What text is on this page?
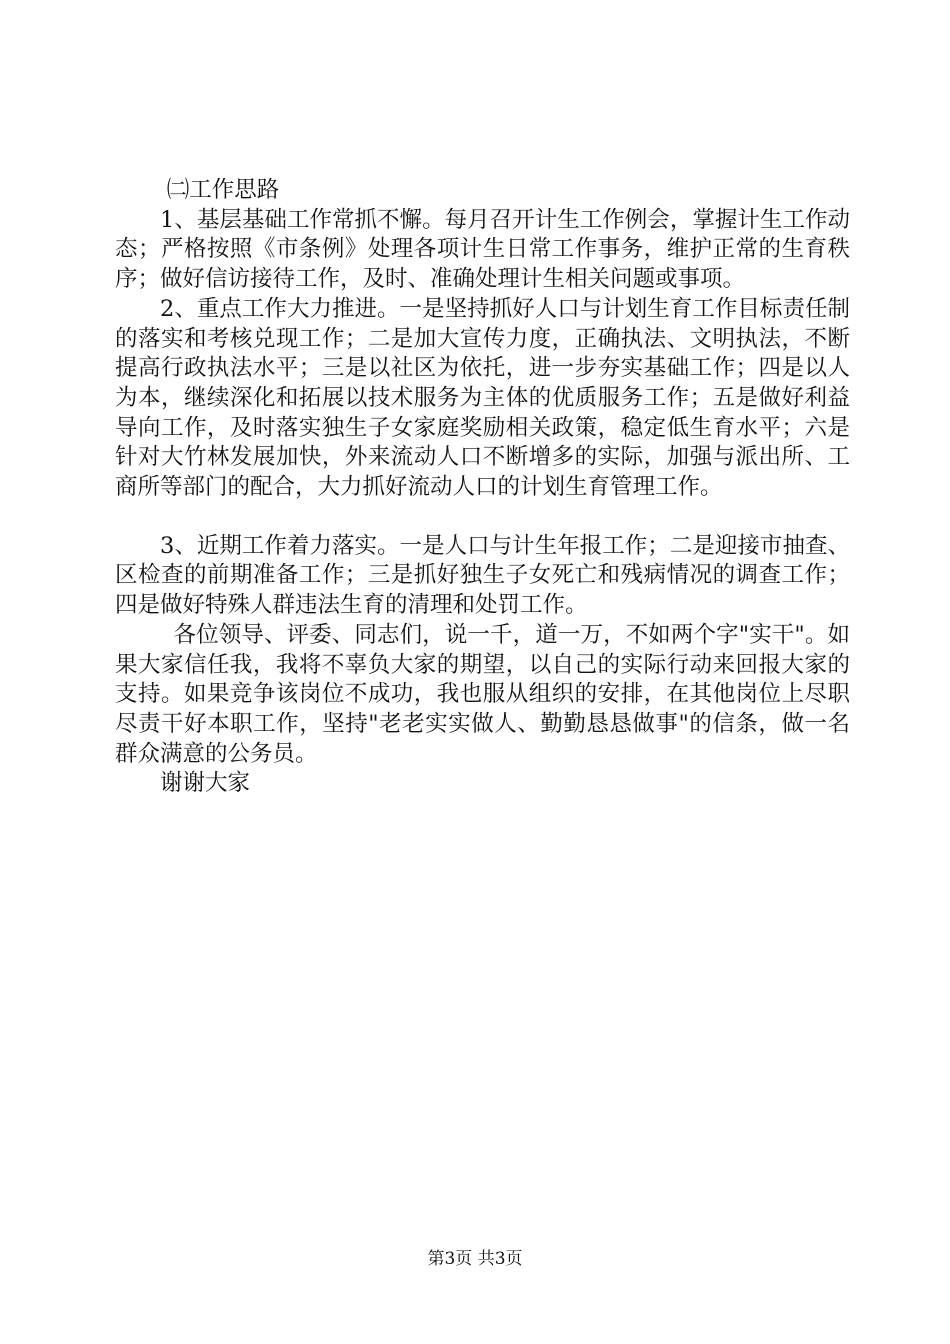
㈡工作思路

1、基层基础工作常抓不懈。每月召开计生工作例会，掌握计生工作动态；严格按照《市条例》处理各项计生日常工作事务，维护正常的生育秩序；做好信访接待工作，及时、准确处理计生相关问题或事项。

2、重点工作大力推进。一是坚持抓好人口与计划生育工作目标责任制的落实和考核兑现工作；二是加大宣传力度，正确执法、文明执法，不断提高行政执法水平；三是以社区为依托，进一步夯实基础工作；四是以人为本，继续深化和拓展以技术服务为主体的优质服务工作；五是做好利益导向工作，及时落实独生子女家庭奖励相关政策，稳定低生育水平；六是针对大竹林发展加快，外来流动人口不断增多的实际，加强与派出所、工商所等部门的配合，大力抓好流动人口的计划生育管理工作。

3、近期工作着力落实。一是人口与计生年报工作；二是迎接市抽查、区检查的前期准备工作；三是抓好独生子女死亡和残病情况的调查工作；四是做好特殊人群违法生育的清理和处罚工作。

各位领导、评委、同志们，说一千，道一万，不如两个字"实干"。如果大家信任我，我将不辜负大家的期望，以自己的实际行动来回报大家的支持。如果竞争该岗位不成功，我也服从组织的安排，在其他岗位上尽职尽责干好本职工作，坚持"老老实实做人、勤勤恳恳做事"的信条，做一名群众满意的公务员。

谢谢大家

第3页 共3页
